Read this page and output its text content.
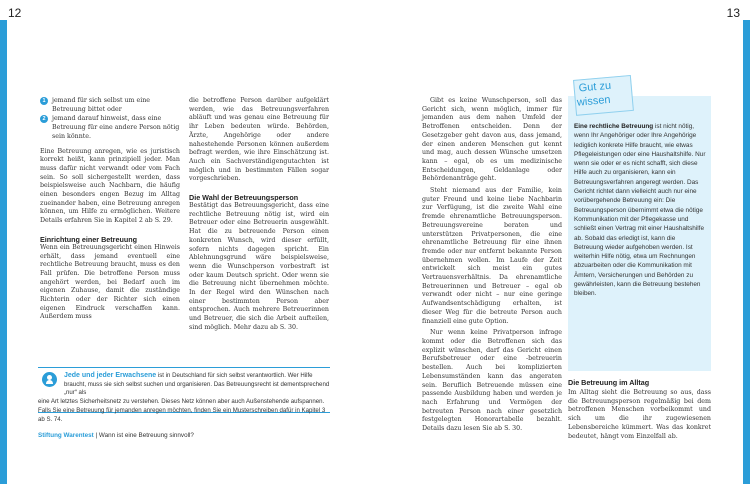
12	13
1	jemand für sich selbst um eine Betreuung bittet oder

2	jemand darauf hinweist, dass eine Betreuung für eine andere Person nötig sein könnte.

Eine Betreuung anregen, wie es juristisch korrekt heißt, kann prinzipiell jeder. Man muss dafür nicht verwandt oder vom Fach sein. So soll sichergestellt werden, dass beispielsweise auch Nachbarn, die häufig einen besonders engen Bezug im Alltag zueinander haben, eine Betreuung anregen können, um Hilfe zu ermöglichen. Weitere Details erfahren Sie in Kapitel 2 ab S. 29.

Einrichtung einer Betreuung

Wenn ein Betreuungsgericht einen Hinweis erhält, dass jemand eventuell eine rechtliche Betreuung braucht, muss es den Fall prüfen. Die betroffene Person muss angehört werden, bei Bedarf auch im eigenen Zuhause, damit die zuständige Richterin oder der Richter sich einen eigenen Eindruck verschaffen kann. Außerdem muss

die betroffene Person darüber aufgeklärt werden, wie das Betreuungsverfahren abläuft und was genau eine Betreuung für ihr Leben bedeuten würde. Behörden, Ärzte, Angehörige oder andere nahestehende Personen können außerdem befragt werden, wie ihre Einschätzung ist. Auch ein Sachverständigengutachten ist möglich und in bestimmten Fällen sogar vorgeschrieben.

Die Wahl der Betreuungsperson

Bestätigt das Betreuungsgericht, dass eine rechtliche Betreuung nötig ist, wird ein Betreuer oder eine Betreuerin ausgewählt. Hat die zu betreuende Person einen konkreten Wunsch, wird dieser erfüllt, sofern nichts dagegen spricht. Ein Ablehnungsgrund wäre beispielsweise, wenn die Wunschperson vorbestraft ist oder kaum Deutsch spricht. Oder wenn sie die Betreuung nicht übernehmen möchte. In der Regel wird den Wünschen nach einer bestimmten Person aber entsprochen. Auch mehrere Betreuerinnen und Betreuer, die sich die Arbeit aufteilen, sind möglich. Mehr dazu ab S. 30.

Jede und jeder Erwachsene ist in Deutschland für sich selbst verantwortlich. Wer Hilfe braucht, muss sie sich selbst suchen und organisieren. Das Betreuungsrecht ist dementsprechend „nur“ als
eine Art letztes Sicherheitsnetz zu verstehen. Dieses Netz können aber auch Außenstehende aufspannen. Falls Sie eine Betreuung für jemanden anregen möchten, finden Sie ein Musterschreiben dafür in Kapitel 3 ab S. 74.
Stiftung Warentest | Wann ist eine Betreuung sinnvoll?

Gibt es keine Wunschperson, soll das Gericht sich, wenn möglich, immer für jemanden aus dem nahen Umfeld der Betroffenen entscheiden. Denn der Gesetzgeber geht davon aus, dass jemand, der einen anderen Menschen gut kennt und mag, auch dessen Wünsche umsetzen kann – egal, ob es um medizinische Entscheidungen, Geldanlage oder Behördenanträge geht.

Steht niemand aus der Familie, kein guter Freund und keine liebe Nachbarin zur Verfügung, ist die zweite Wahl eine fremde ehrenamtliche Betreuungsperson. Betreuungsvereine beraten und unterstützen Privatpersonen, die eine ehrenamtliche Betreuung für eine ihnen fremde oder nur entfernt bekannte Person übernehmen wollen. Im Laufe der Zeit entwickelt sich meist ein gutes Vertrauensverhältnis. Da ehrenamtliche Betreuerinnen und Betreuer – egal ob verwandt oder nicht – nur eine geringe Aufwandsentschädigung erhalten, ist dieser Weg für die betreute Person auch finanziell eine gute Option.

Nur wenn keine Privatperson infrage kommt oder die Betroffenen sich das explizit wünschen, darf das Gericht einen Berufsbetreuer oder eine -betreuerin bestellen. Auch bei komplizierten Lebensumständen kann das angeraten sein. Beruflich Betreuende müssen eine passende Ausbildung haben und werden je nach Erfahrung und Vermögen der betreuten Person nach einer gesetzlich festgelegten Honorartabelle bezahlt. Details dazu lesen Sie ab S. 30.

Eine rechtliche Betreuung ist nicht nötig, wenn Ihr Angehöriger oder Ihre Angehörige lediglich konkrete Hilfe braucht, wie etwas Pflegeleistungen oder eine Haushaltshilfe. Nur wenn sie oder er es nicht schafft, sich diese Hilfe auch zu organisieren, kann ein Betreuungsverfahren angeregt werden. Das Gericht richtet dann vielleicht auch nur eine vorübergehende Betreuung ein: Die Betreuungsperson übernimmt etwa die nötige Kommunikation mit der Pflegekasse und schließt einen Vertrag mit einer Haushaltshilfe ab. Sobald das erledigt ist, kann die Betreuung wieder aufgehoben werden. Ist weiterhin Hilfe nötig, etwa um Rechnungen abzuarbeiten oder die Kommunikation mit Ämtern, Versicherungen und Behörden zu gewährleisten, kann die Betreuung bestehen bleiben.
Gut zu
wissen

Die Betreuung im Alltag

Im Alltag sieht die Betreuung so aus, dass die Betreuungsperson regelmäßig bei dem betroffenen Menschen vorbeikommt und sich um die ihr zugewiesenen Lebensbereiche kümmert. Was das konkret bedeutet, hängt vom Einzelfall ab.
